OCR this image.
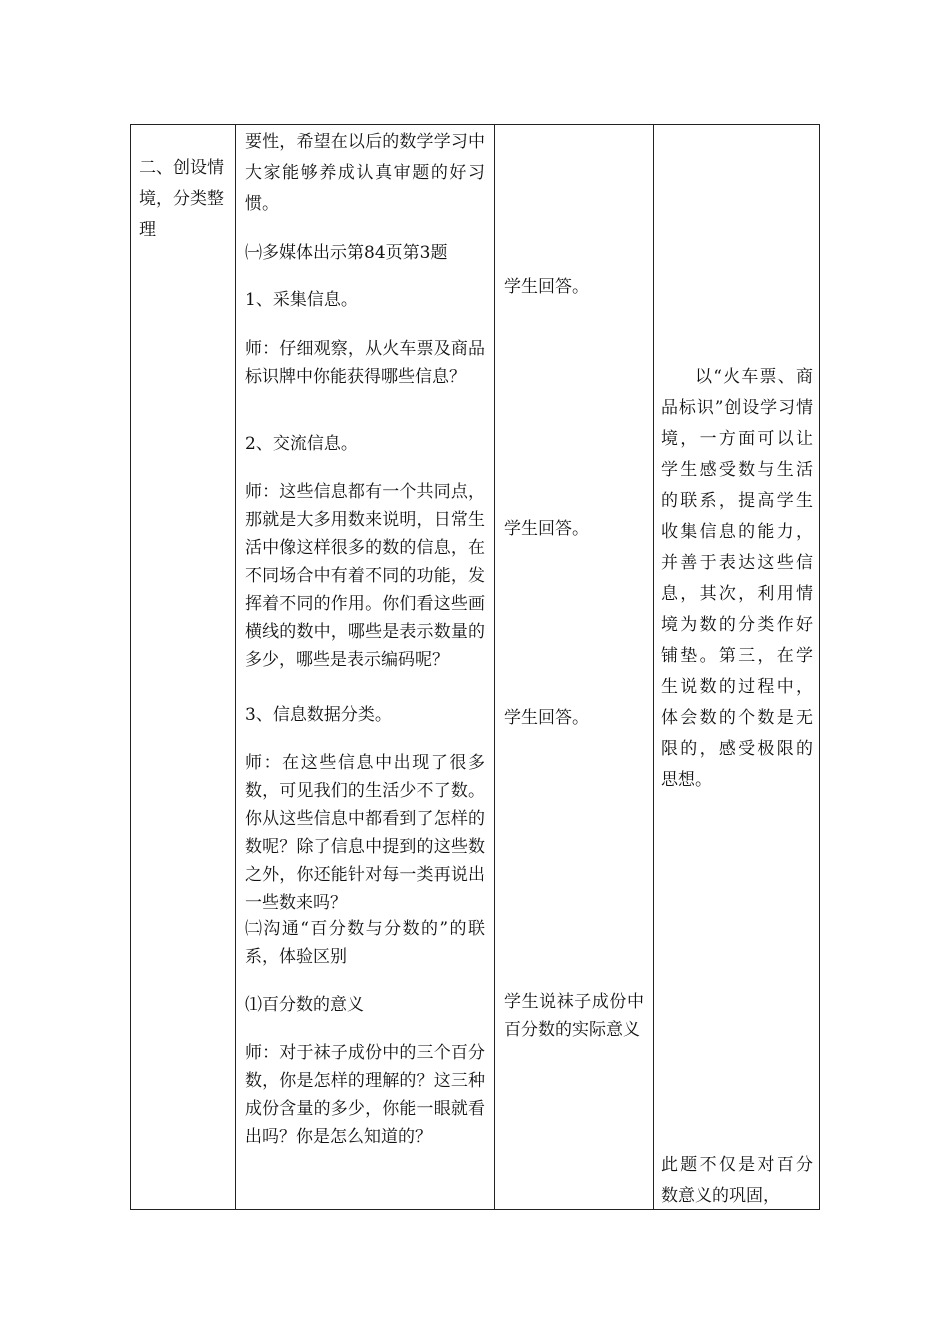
二、创设情境，分类整理

要性，希望在以后的数学学习中大家能够养成认真审题的好习惯。

㈠多媒体出示第84页第3题

1、采集信息。

师：仔细观察，从火车票及商品标识牌中你能获得哪些信息？

2、交流信息。

师：这些信息都有一个共同点，那就是大多用数来说明，日常生活中像这样很多的数的信息，在不同场合中有着不同的功能，发挥着不同的作用。你们看这些画横线的数中，哪些是表示数量的多少，哪些是表示编码呢？

3、信息数据分类。

师：在这些信息中出现了很多数，可见我们的生活少不了数。你从这些信息中都看到了怎样的数呢？除了信息中提到的这些数之外，你还能针对每一类再说出一些数来吗？

㈡沟通“百分数与分数的”的联系，体验区别

⑴百分数的意义

师：对于袜子成份中的三个百分数，你是怎样的理解的？这三种成份含量的多少，你能一眼就看出吗？你是怎么知道的？

学生回答。

学生回答。

学生回答。

学生说袜子成份中百分数的实际意义

以“火车票、商品标识”创设学习情境，一方面可以让学生感受数与生活的联系，提高学生收集信息的能力，并善于表达这些信息，其次，利用情境为数的分类作好铺垫。第三，在学生说数的过程中，体会数的个数是无限的，感受极限的思想。

此题不仅是对百分数意义的巩固，
